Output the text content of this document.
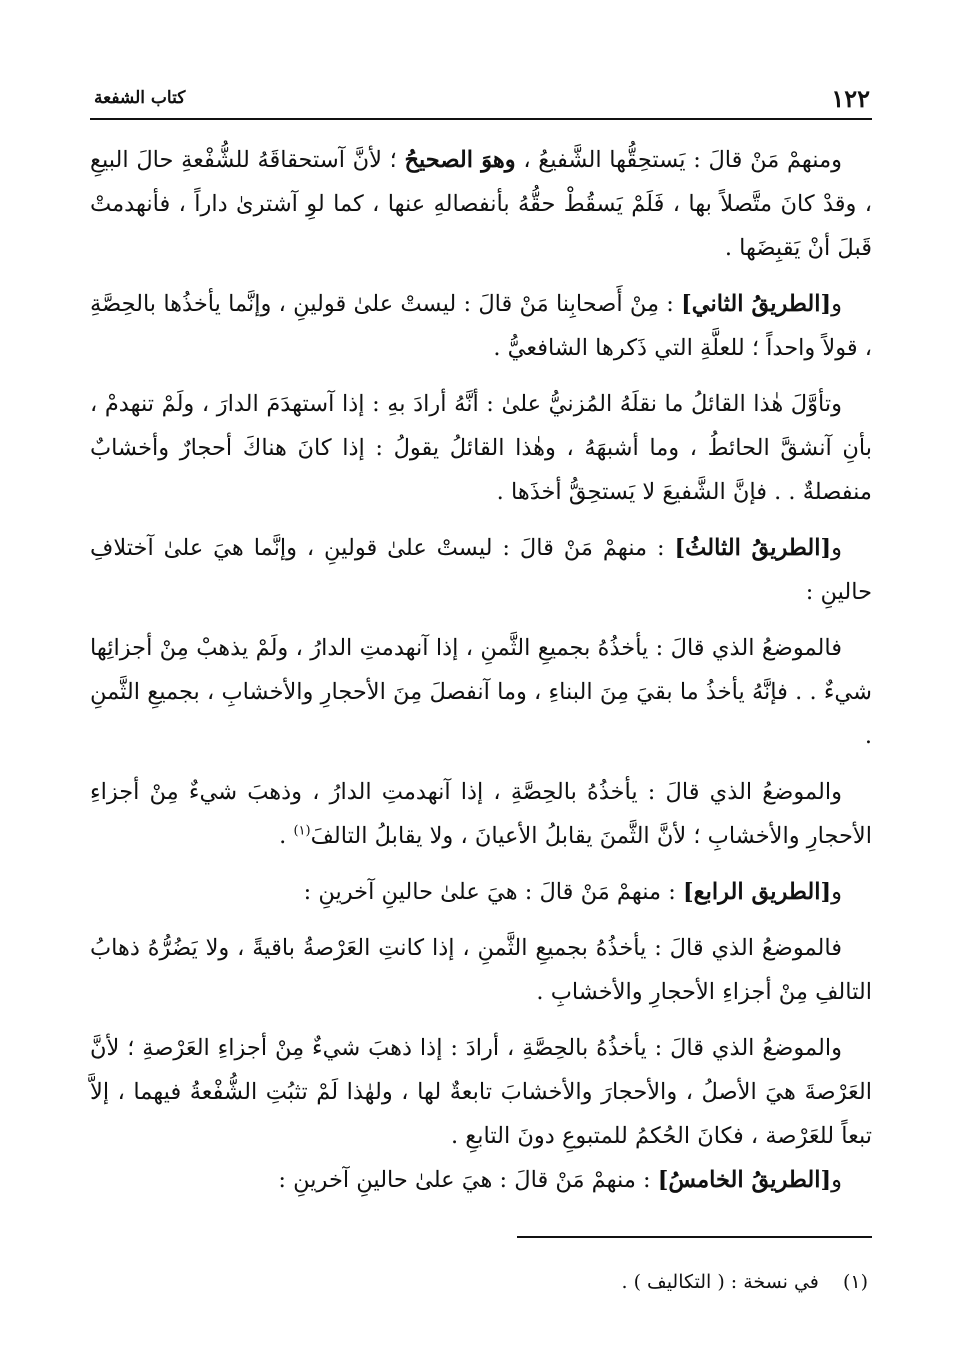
١٢٢
كتاب الشفعة

ومنهمْ مَنْ قالَ : يَستحِقُّها الشَّفيعُ ، وهوَ الصحيحُ ؛ لأنَّ آستحقاقَهُ للشُّفْعةِ حالَ البيعِ ، وقدْ كانَ متَّصلاً بها ، فَلَمْ يَسقُطْ حقُّهُ بأنفصالهِ عنها ، كما لوِ آشترىٰ داراً ، فأنهدمتْ قَبلَ أنْ يَقبِضَها .

و[الطريقُ الثاني] : مِنْ أَصحابِنا مَنْ قالَ : ليستْ علىٰ قولينِ ، وإنَّما يأخذُها بالحِصَّةِ ، قولاً واحداً ؛ للعلَّةِ التي ذَكرها الشافعيُّ .

وتأوَّلَ هٰذا القائلُ ما نقلَهُ المُزنيُّ علىٰ : أنَّهُ أرادَ بهِ : إذا آستهدَمَ الدارَ ، ولَمْ تنهدمْ ، بأنِ آنشقَّ الحائطُ ، وما أشبهَهُ ، وهٰذا القائلُ يقولُ : إذا كانَ هناكَ أحجارٌ وأخشابٌ منفصلةٌ . . فإنَّ الشَّفيعَ لا يَستحِقُّ أخذَها .

و[الطريقُ الثالثُ] : منهمْ مَنْ قالَ : ليستْ علىٰ قولينِ ، وإنَّما هيَ علىٰ آختلافِ حالينِ :

فالموضعُ الذي قالَ : يأخذُهُ بجميعِ الثَّمنِ ، إذا آنهدمتِ الدارُ ، ولَمْ يذهبْ مِنْ أجزائِها شيءٌ . . فإنَّهُ يأخذُ ما بقيَ مِنَ البناءِ ، وما آنفصلَ مِنَ الأحجارِ والأخشابِ ، بجميعِ الثَّمنِ .

والموضعُ الذي قالَ : يأخذُهُ بالحِصَّةِ ، إذا آنهدمتِ الدارُ ، وذهبَ شيءٌ مِنْ أجزاءِ الأحجارِ والأخشابِ ؛ لأنَّ الثَّمنَ يقابلُ الأعيانَ ، ولا يقابلُ التالفَ$^{(١)}$ .

و[الطريق الرابع] : منهمْ مَنْ قالَ : هيَ علىٰ حالينِ آخرينِ :

فالموضعُ الذي قالَ : يأخذُهُ بجميعِ الثَّمنِ ، إذا كانتِ العَرْصةُ باقيةً ، ولا يَضُرُّهُ ذهابُ التالفِ مِنْ أجزاءِ الأحجارِ والأخشابِ .

والموضعُ الذي قالَ : يأخذُهُ بالحِصَّةِ ، أرادَ : إذا ذهبَ شيءٌ مِنْ أجزاءِ العَرْصةِ ؛ لأنَّ العَرْصةَ هيَ الأصلُ ، والأحجارَ والأخشابَ تابعةٌ لها ، ولهٰذا لَمْ تثبُتِ الشُّفْعةُ فيهما ، إلاَّ تبعاً للعَرْصة ، فكانَ الحُكمُ للمتبوعِ دونَ التابعِ .

و[الطريقُ الخامسُ] : منهمْ مَنْ قالَ : هيَ علىٰ حالينِ آخرينِ :

(١) في نسخة : ( التكاليف ) .
